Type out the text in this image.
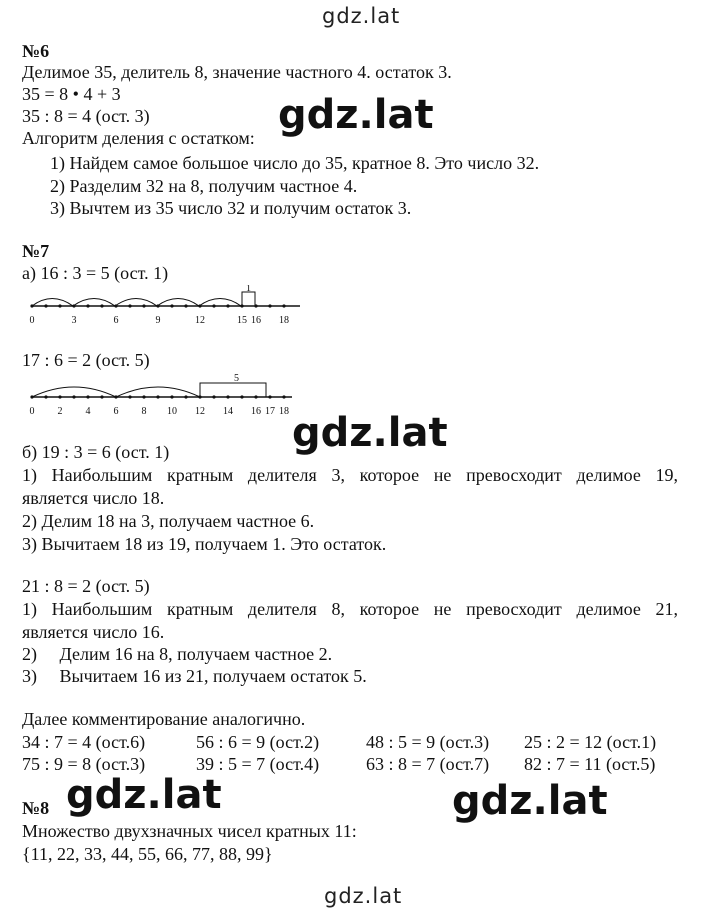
gdz.lat
gdz.lat
gdz.lat
gdz.lat
gdz.lat	gdz.lat
№6
Делимое 35, делитель 8, значение частного 4. остаток 3.
35 = 8 • 4 + 3
35 : 8 = 4 (ост. 3)
Алгоритм деления с остатком:
1) Найдем самое большое число до 35, кратное 8. Это число 32.
2) Разделим 32 на 8, получим частное 4.
3) Вычтем из 35 число 32 и получим остаток 3.
№7
а) 16 : 3 = 5 (ост. 1)
1
0	3	6	9	12	15 16 18
17 : 6 = 2 (ост. 5)
5
0 2 4 6 8 10 12 14 16 17 18
б) 19 : 3 = 6 (ост. 1)
1) Наибольшим кратным делителя 3, которое не превосходит делимое 19,
является число 18.
2) Делим 18 на 3, получаем частное 6.
3) Вычитаем 18 из 19, получаем 1. Это остаток.
21 : 8 = 2 (ост. 5)
1) Наибольшим кратным делителя 8, которое не превосходит делимое 21,
является число 16.
2)     Делим 16 на 8, получаем частное 2.
3)     Вычитаем 16 из 21, получаем остаток 5.
Далее комментирование аналогично.
34 : 7 = 4 (ост.6)	56 : 6 = 9 (ост.2)	48 : 5 = 9 (ост.3) 25 : 2 = 12 (ост.1)
75 : 9 = 8 (ост.3)	39 : 5 = 7 (ост.4)	63 : 8 = 7 (ост.7) 82 : 7 = 11 (ост.5)
№8
Множество двухзначных чисел кратных 11:
{11, 22, 33, 44, 55, 66, 77, 88, 99}
